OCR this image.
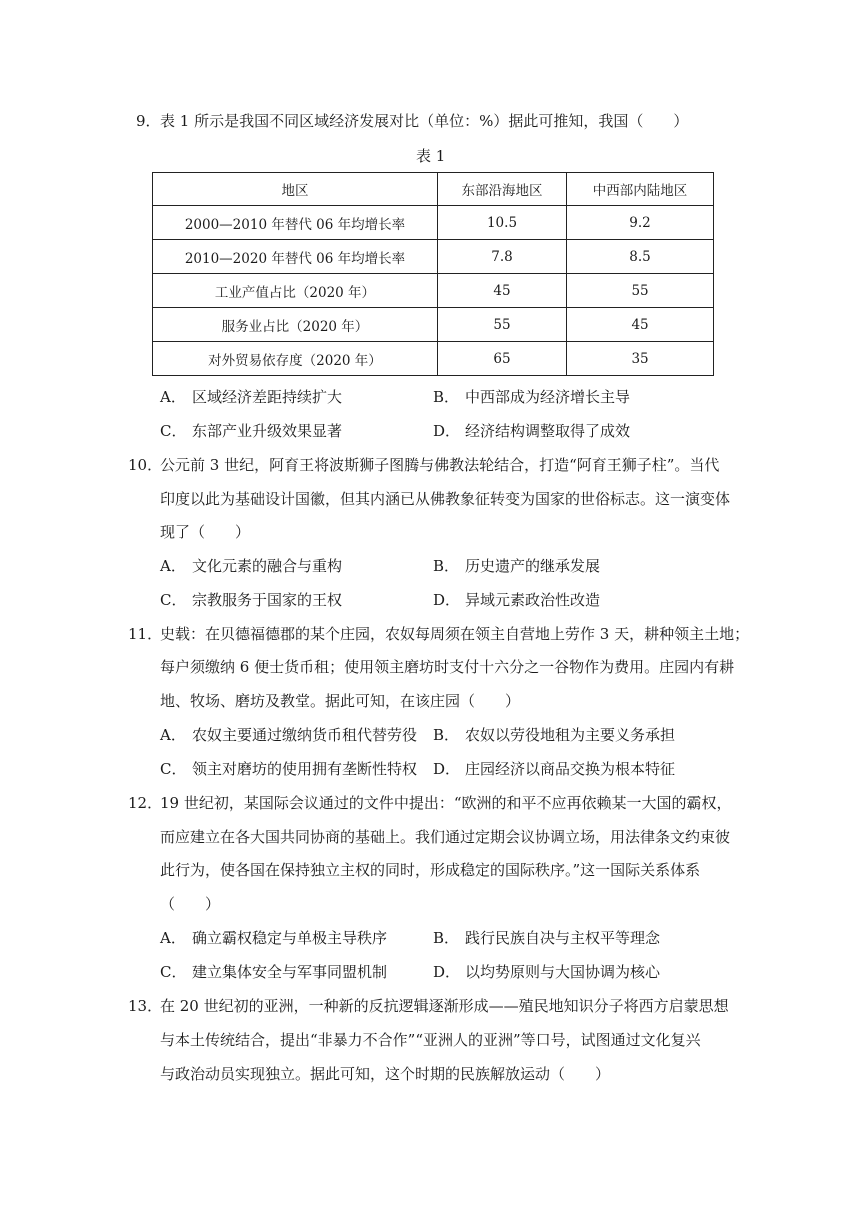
9． 表 1 所示是我国不同区域经济发展对比（单位：%）据此可推知，我国（　　）
表 1
地区	东部沿海地区	中西部内陆地区
2000—2010 年替代 06 年均增长率	10.5	9.2
2010—2020 年替代 06 年均增长率	7.8	8.5
工业产值占比（2020 年）	45	55
服务业占比（2020 年）	55	45
对外贸易依存度（2020 年）	65	35
A． 区域经济差距持续扩大	B． 中西部成为经济增长主导
C． 东部产业升级效果显著	D． 经济结构调整取得了成效
10．
公元前 3 世纪，阿育王将波斯狮子图腾与佛教法轮结合，打造“阿育王狮子柱”。当代
印度以此为基础设计国徽，但其内涵已从佛教象征转变为国家的世俗标志。这一演变体
现了（　　）
A． 文化元素的融合与重构	B． 历史遗产的继承发展
C． 宗教服务于国家的王权	D． 异域元素政治性改造
11．
史载：在贝德福德郡的某个庄园，农奴每周须在领主自营地上劳作 3 天，耕种领主土地；
每户须缴纳 6 便士货币租；使用领主磨坊时支付十六分之一谷物作为费用。庄园内有耕
地、牧场、磨坊及教堂。据此可知，在该庄园（　　）
A． 农奴主要通过缴纳货币租代替劳役 B． 农奴以劳役地租为主要义务承担
C． 领主对磨坊的使用拥有垄断性特权 D． 庄园经济以商品交换为根本特征
12．
19 世纪初，某国际会议通过的文件中提出：“欧洲的和平不应再依赖某一大国的霸权，
而应建立在各大国共同协商的基础上。我们通过定期会议协调立场，用法律条文约束彼
此行为，使各国在保持独立主权的同时，形成稳定的国际秩序。”这一国际关系体系
（　　）
A． 确立霸权稳定与单极主导秩序	B． 践行民族自决与主权平等理念
C． 建立集体安全与军事同盟机制	D． 以均势原则与大国协调为核心
13．
在 20 世纪初的亚洲，一种新的反抗逻辑逐渐形成——殖民地知识分子将西方启蒙思想
与本土传统结合，提出“非暴力不合作”“亚洲人的亚洲”等口号，试图通过文化复兴
与政治动员实现独立。据此可知，这个时期的民族解放运动（　　）
